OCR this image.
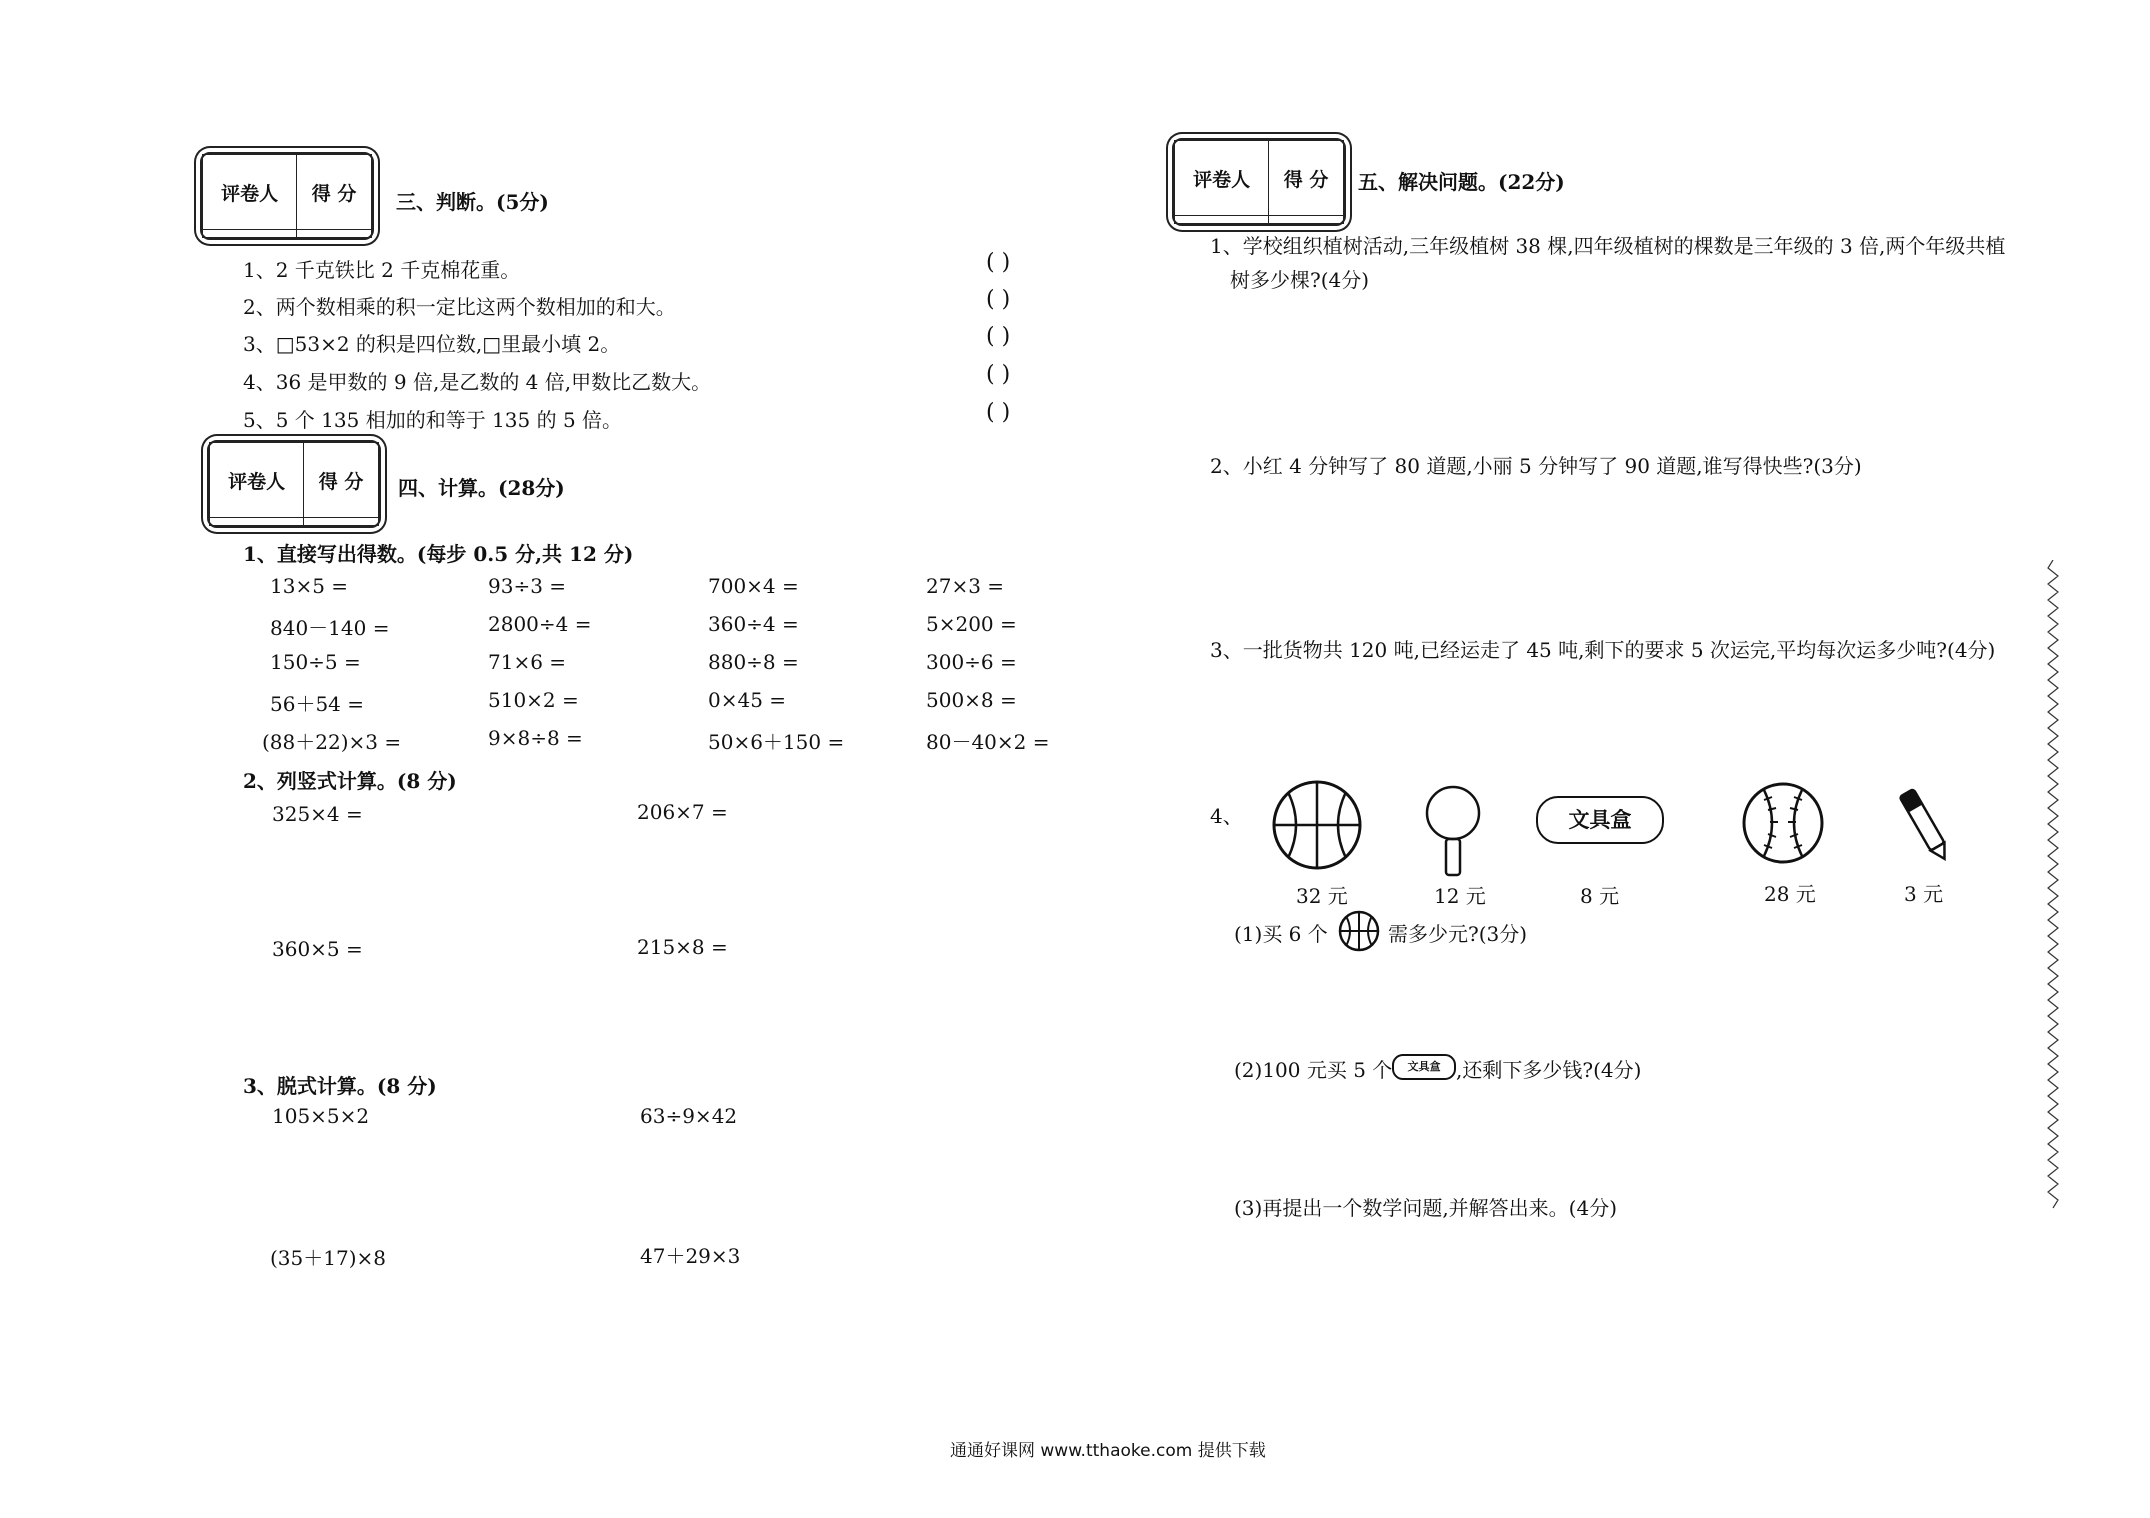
评卷人	得 分
	三、判断。(5分)
1、2 千克铁比 2 千克棉花重。
2、两个数相乘的积一定比这两个数相加的和大。
3、□53×2 的积是四位数,□里最小填 2。
4、36 是甲数的 9 倍,是乙数的 4 倍,甲数比乙数大。
5、5 个 135 相加的和等于 135 的 5 倍。
( )
( )
( )
( )
( )
评卷人	得 分
	四、计算。(28分)
1、直接写出得数。(每步 0.5 分,共 12 分)
13×5 =	93÷3 =	700×4 =	27×3 =
840－140 =	2800÷4 =	360÷4 =	5×200 =
150÷5 =	71×6 =	880÷8 =	300÷6 =
56＋54 =	510×2 =	0×45 =	500×8 =
(88＋22)×3 =	9×8÷8 =	50×6＋150 =	80－40×2 =
2、列竖式计算。(8 分)
325×4 =	206×7 =
360×5 =	215×8 =
3、脱式计算。(8 分)
105×5×2	63÷9×42
(35＋17)×8	47＋29×3
评卷人	得 分
	五、解决问题。(22分)
1、学校组织植树活动,三年级植树 38 棵,四年级植树的棵数是三年级的 3 倍,两个年级共植
树多少棵?(4分)
2、小红 4 分钟写了 80 道题,小丽 5 分钟写了 90 道题,谁写得快些?(3分)
3、一批货物共 120 吨,已经运走了 45 吨,剩下的要求 5 次运完,平均每次运多少吨?(4分)
4、	文具盒
32 元	12 元	8 元	28 元	3 元
(1)买 6 个	需多少元?(3分)
(2)100 元买 5 个	文具盒 ,还剩下多少钱?(4分)
(3)再提出一个数学问题,并解答出来。(4分)
通通好课网 www.tthaoke.com 提供下载
